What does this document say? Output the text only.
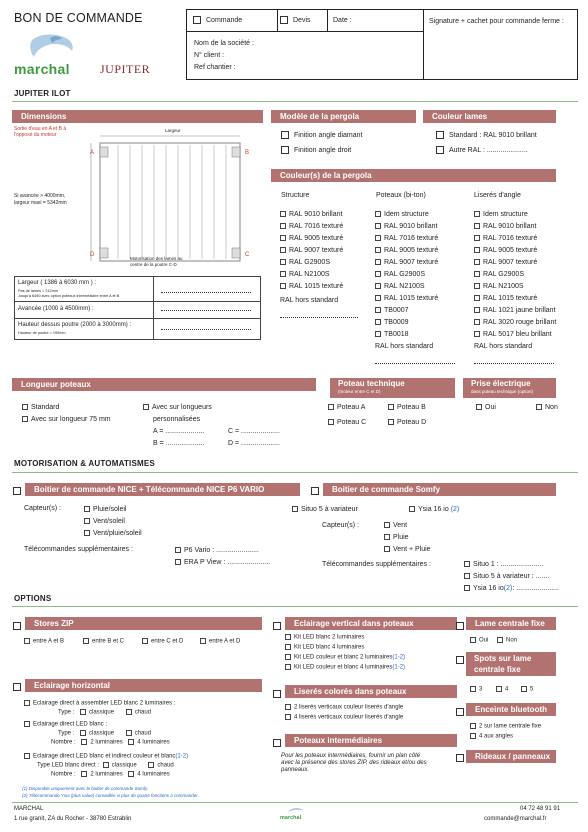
BON DE COMMANDE
marchal	JUPITER
Commande	Devis	Date :	Signature + cachet pour commande ferme :
Nom de la société :
N° client :
Ref chantier :
JUPITER ILOT
Dimensions
Sortie d'eau en A et B à l'opposé du moteur
Si avancée > 4000mm, largeur maxi = 5342mm
Largeur
A	B
D	C
Motorisation des lames au centre de la poutre C-D
Largeur ( 1386 à 6030 mm ) :
Pas de lames = 212mm
Jusqu'à 6490 avec option poteaux intermédiaire entre A et B
Avancée (1000 à 4500mm) :
Hauteur dessus poutre (2000 à 3000mm) :
Hauteur de poutre = 190mm
Modèle de la pergola
Finition angle diamant
Finition angle droit
Couleur lames
Standard : RAL 9010 brillant
Autre RAL : .....................
Couleur(s) de la pergola
Structure	Poteaux (bi-ton)	Liserés d'angle
RAL 9010 brillant
RAL 7016 texturé
RAL 9005 texturé
RAL 9007 texturé
RAL G2900S
RAL N2100S
RAL 1015 texturé
RAL hors standard
Idem structure
RAL 9010 brillant
RAL 7016 texturé
RAL 9005 texturé
RAL 9007 texturé
RAL G2900S
RAL N2100S
RAL 1015 texturé
TB0007
TB0009
TB0018
RAL hors standard
Idem structure
RAL 9010 brillant
RAL 7016 texturé
RAL 9005 texturé
RAL 9007 texturé
RAL G2900S
RAL N2100S
RAL 1015 texturé
RAL 1021 jaune brillant
RAL 3020 rouge brillant
RAL 5017 bleu brillant
RAL hors standard
Longueur poteaux
Standard
Avec sur longueur 75 mm
Avec sur longueurs
personnalisées
A = ....................	C = ....................
B = ....................	D = ....................
Poteau technique
(moteur entre C et D)
Poteau A	Poteau B
Poteau C	Poteau D
Prise électrique
dans poteau technique (option)
Oui	Non
MOTORISATION & AUTOMATISMES
Boitier de commande NICE + Télécommande NICE P6 VARIO
Capteur(s) :	Pluie/soleil
Vent/soleil
Vent/pluie/soleil
Télécommandes supplémentaires :	P6 Vario : ......................
ERA P View : ......................
Boitier de commande Somfy
Situo 5 à variateur	Ysia 16 io (2)
Capteur(s) :	Vent
Pluie
Vent + Pluie
Télécommandes supplémentaires :	Situo 1 : ......................
Situo 5 à variateur : .......
Ysia 16 io (2) : ......................
OPTIONS
Stores ZIP
entre A et B	entre B et C	entre C et D	entre A et D
Eclairage horizontal
Eclairage direct à assembler LED blanc 2 luminaires :
Type : classique	chaud
Eclairage direct LED blanc :
Type : classique	chaud
Nombre : 2 luminaires 4 luminaires
Eclairage direct LED blanc et indirect couleur et blanc(1-2)
Type LED blanc direct : classique	chaud
Nombre : 2 luminaires 4 luminaires
Eclairage vertical dans poteaux
Kit LED blanc 2 luminaires
Kit LED blanc 4 luminaires
Kit LED couleur et blanc 2 luminaires(1-2)
Kit LED couleur et blanc 4 luminaires(1-2)
Liserés colorés dans poteaux
2 liserés verticaux couleur liserés d'angle
4 liserés verticaux couleur liserés d'angle
Poteaux intermédiaires
Pour les poteaux intermédiaires, fournir un plan côté
avec la présence des stores ZIP, des rideaux et/ou des
panneaux.
Lame centrale fixe
Oui	Non
Spots sur lame
centrale fixe
3	4	5
Enceinte bluetooth
2 sur lame centrale fixe
4 aux angles
Rideaux / panneaux
(1) Disponible uniquement avec le boitier de commande Somfy.
(2) Télécommande Ysia (plus value) conseillée si plus de quatre fonctions à commander.
MARCHAL
1 rue granit, ZA du Rocher - 38780 Estrablin	marchal
04 72 48 91 91
commande@marchal.fr
